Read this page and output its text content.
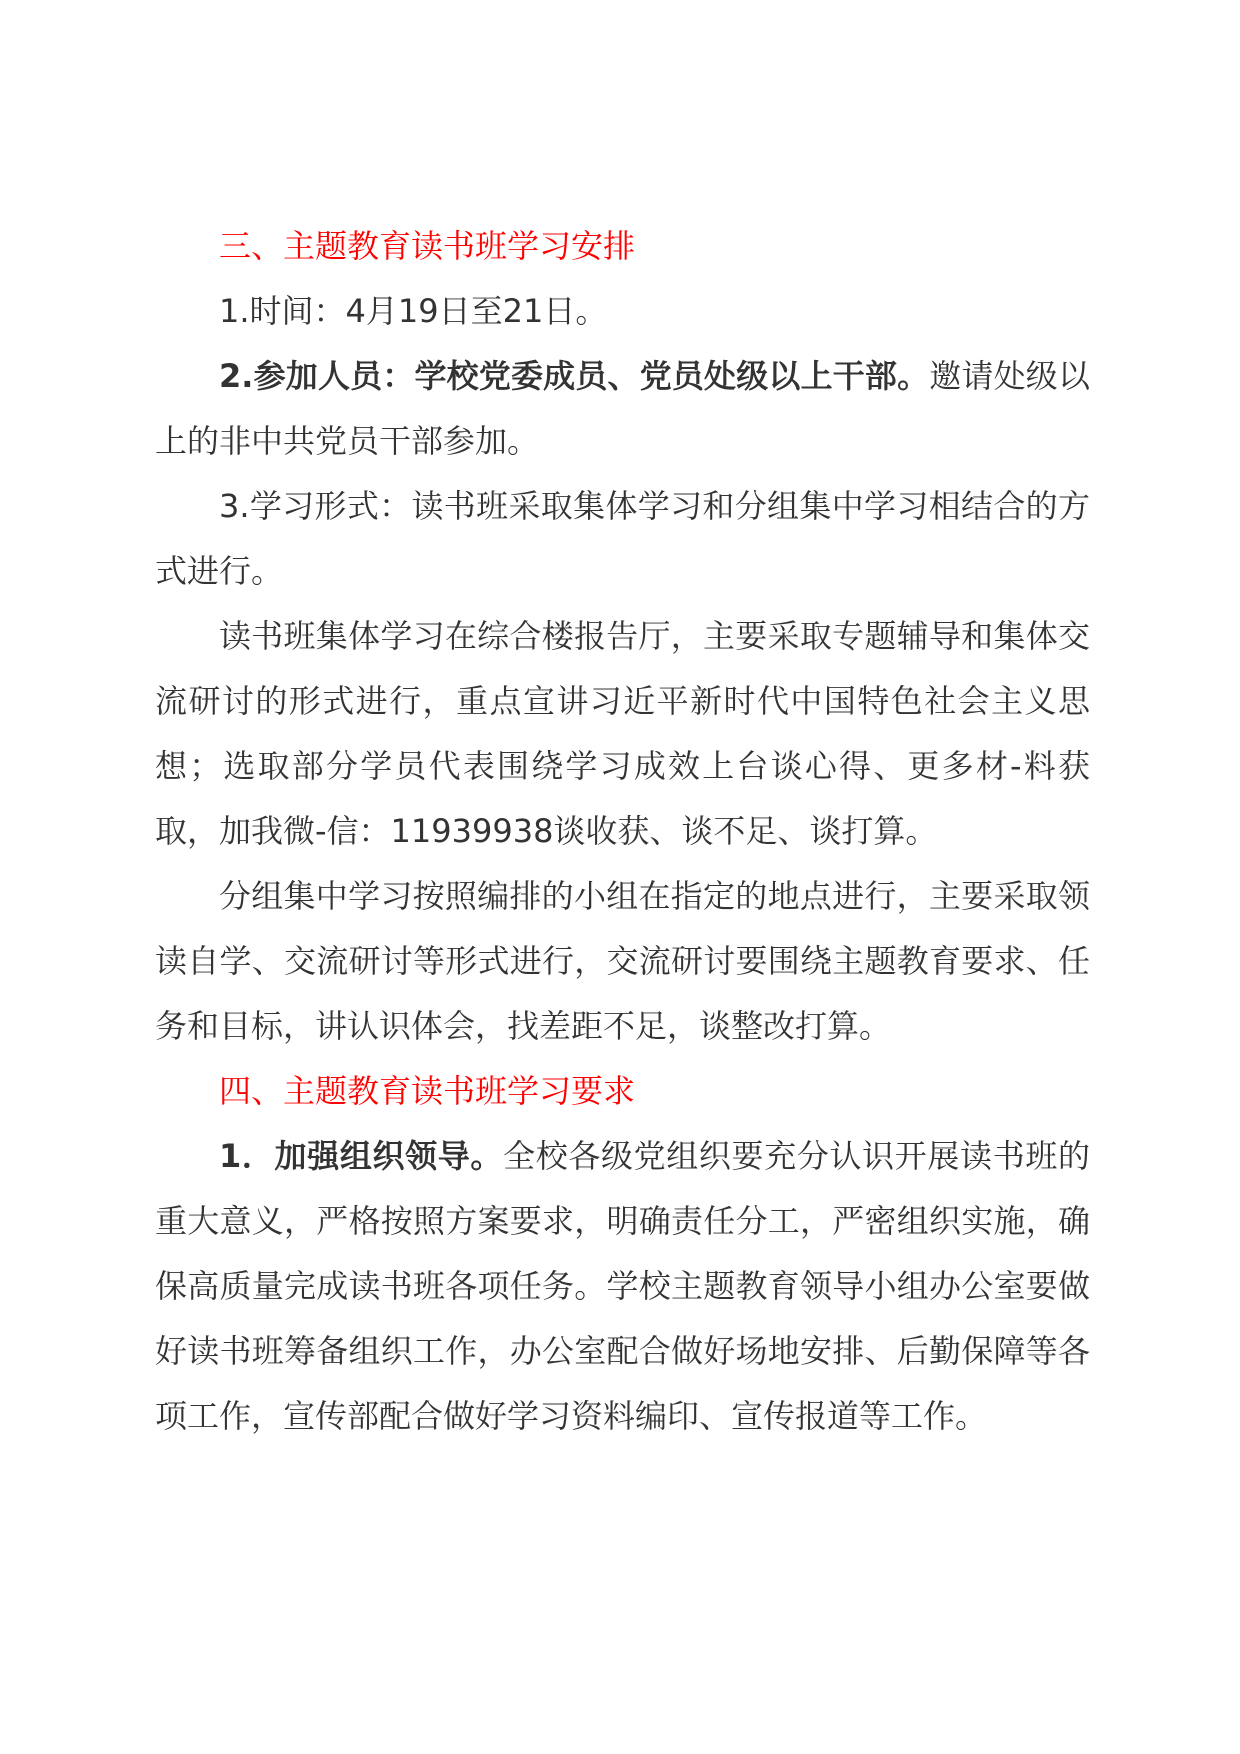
三、主题教育读书班学习安排

1.时间：4月19日至21日。

2.参加人员：学校党委成员、党员处级以上干部。邀请处级以上的非中共党员干部参加。

3.学习形式：读书班采取集体学习和分组集中学习相结合的方式进行。

读书班集体学习在综合楼报告厅，主要采取专题辅导和集体交流研讨的形式进行，重点宣讲习近平新时代中国特色社会主义思想；选取部分学员代表围绕学习成效上台谈心得、更多材-料获取，加我微-信：11939938谈收获、谈不足、谈打算。

分组集中学习按照编排的小组在指定的地点进行，主要采取领读自学、交流研讨等形式进行，交流研讨要围绕主题教育要求、任务和目标，讲认识体会，找差距不足，谈整改打算。

四、主题教育读书班学习要求

1．加强组织领导。全校各级党组织要充分认识开展读书班的重大意义，严格按照方案要求，明确责任分工，严密组织实施，确保高质量完成读书班各项任务。学校主题教育领导小组办公室要做好读书班筹备组织工作，办公室配合做好场地安排、后勤保障等各项工作，宣传部配合做好学习资料编印、宣传报道等工作。
